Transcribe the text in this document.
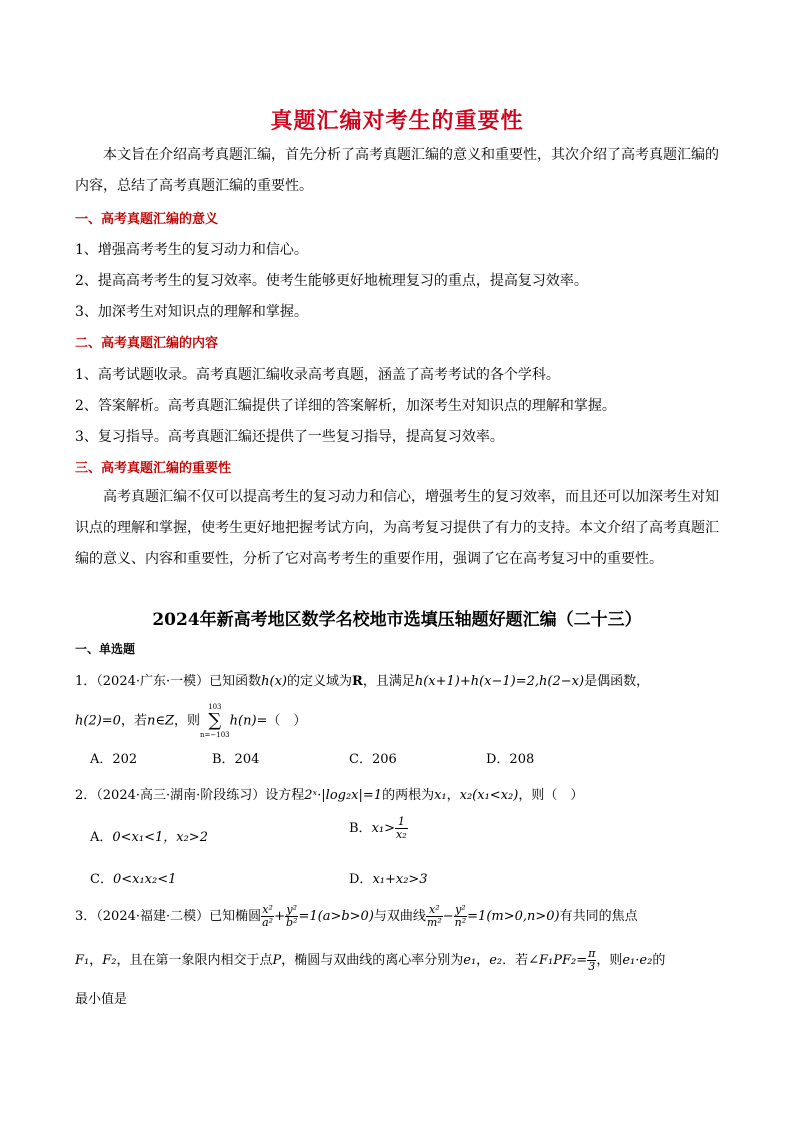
真题汇编对考生的重要性
本文旨在介绍高考真题汇编，首先分析了高考真题汇编的意义和重要性，其次介绍了高考真题汇编的内容，总结了高考真题汇编的重要性。
一、高考真题汇编的意义
1、增强高考考生的复习动力和信心。
2、提高高考考生的复习效率。使考生能够更好地梳理复习的重点，提高复习效率。
3、加深考生对知识点的理解和掌握。
二、高考真题汇编的内容
1、高考试题收录。高考真题汇编收录高考真题，涵盖了高考考试的各个学科。
2、答案解析。高考真题汇编提供了详细的答案解析，加深考生对知识点的理解和掌握。
3、复习指导。高考真题汇编还提供了一些复习指导，提高复习效率。
三、高考真题汇编的重要性
高考真题汇编不仅可以提高考生的复习动力和信心，增强考生的复习效率，而且还可以加深考生对知识点的理解和掌握，使考生更好地把握考试方向，为高考复习提供了有力的支持。本文介绍了高考真题汇编的意义、内容和重要性，分析了它对高考考生的重要作用，强调了它在高考复习中的重要性。
2024年新高考地区数学名校地市选填压轴题好题汇编（二十三）
一、单选题
1．（2024·广东·一模）已知函数h(x)的定义域为R，且满足h(x+1)+h(x−1)=2,h(2−x)是偶函数，
h(2)=0，若n∈Z，则
103
∑
n=−103
h(n)=（　）
A．202	B．204	C．206	D．208
2．（2024·高三·湖南·阶段练习）设方程2ˣ·|log₂x|=1的两根为x₁，x₂(x₁<x₂)，则（　）
A．0<x₁<1，x₂>2
B．$x_1> \frac{1}{\text{x₂}}$
C．0<x₁x₂<1	D．x₁+x₂>3
3．（2024·福建·二模）已知椭圆 $\frac{\text{x²}}{\text{a²}} + \frac{\text{y²}}{\text{b²}} =1(a>b>0)$与双曲线 $\frac{\text{x²}}{\text{m²}} - \frac{\text{y²}}{\text{n²}} =1(m>0,n>0)$有共同的焦点
F₁，F₂，且在第一象限内相交于点P，椭圆与双曲线的离心率分别为e₁，e₂．若∠F₁PF₂= $\frac{\pi}{3}$ ，则e₁·e₂的
最小值是
